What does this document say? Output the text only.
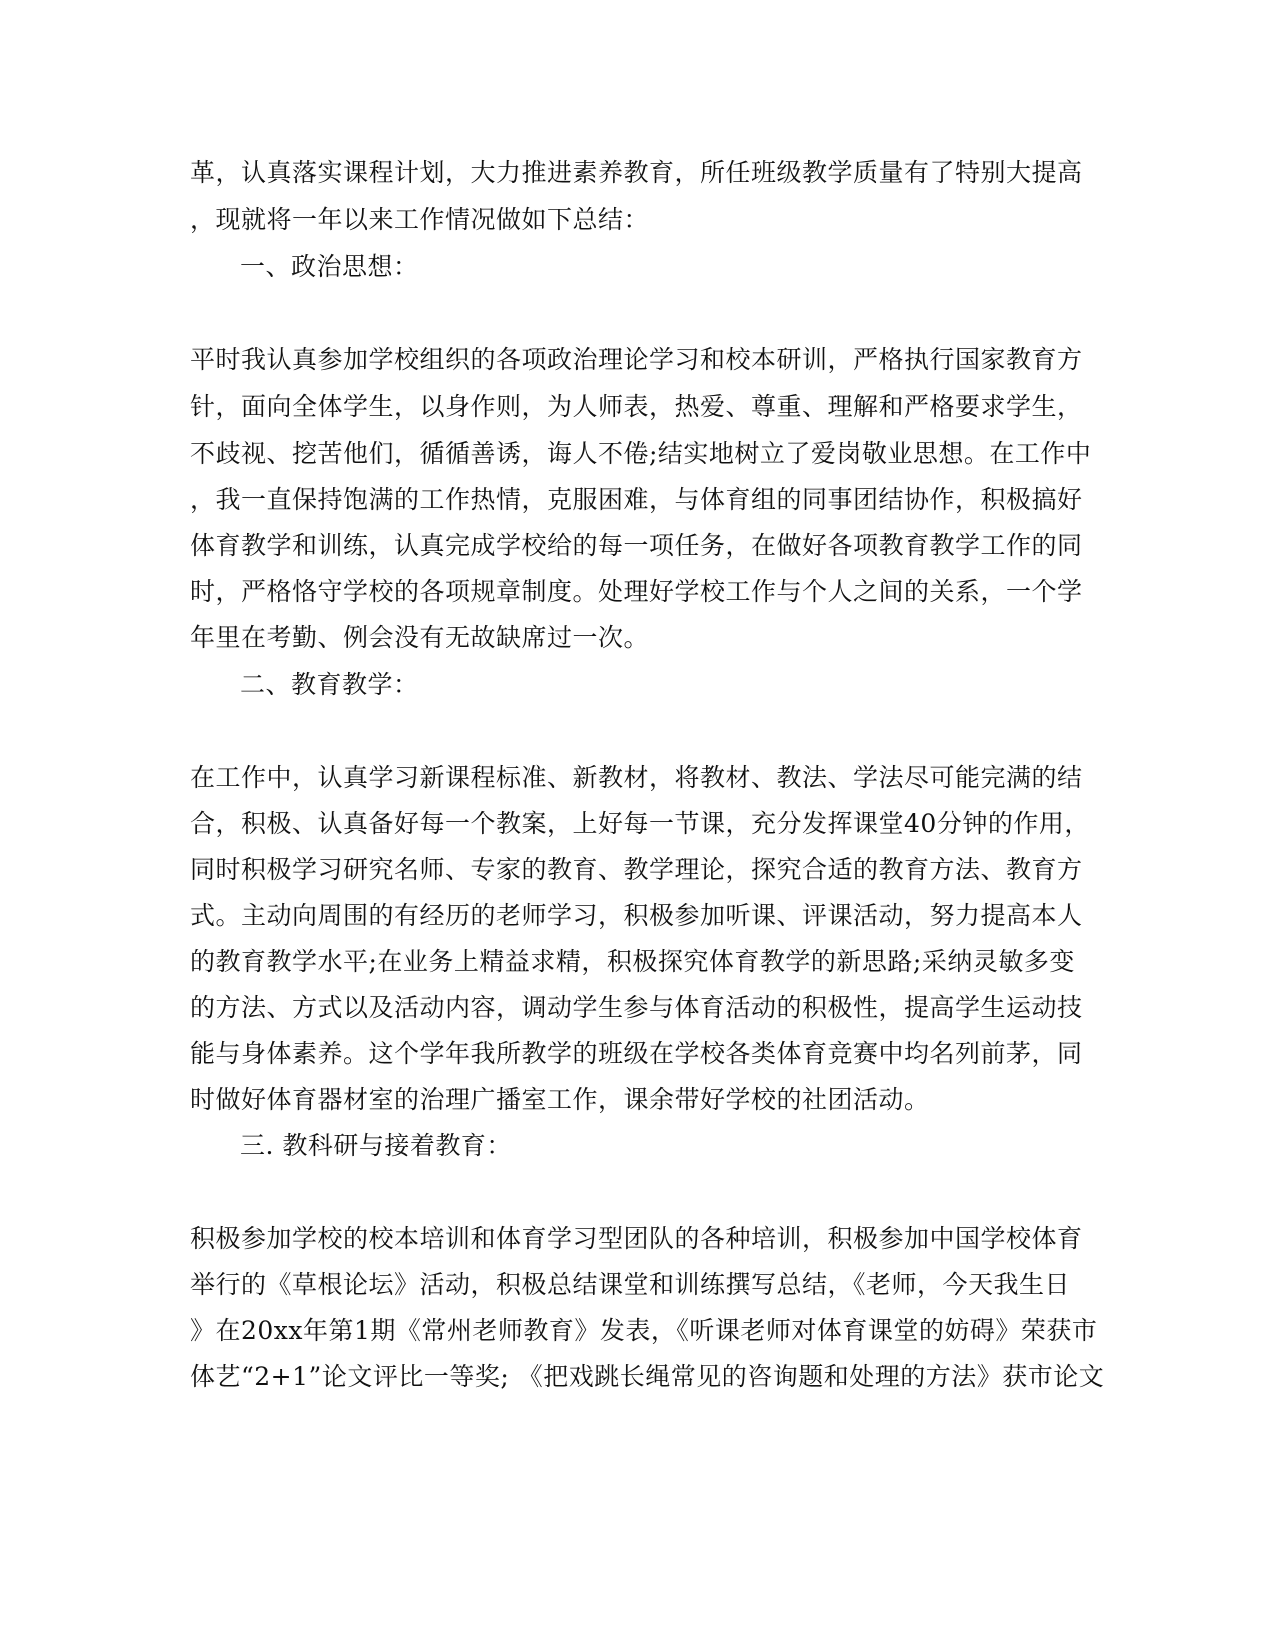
革，认真落实课程计划，大力推进素养教育，所任班级教学质量有了特别大提高
，现就将一年以来工作情况做如下总结：
一、政治思想：
平时我认真参加学校组织的各项政治理论学习和校本研训，严格执行国家教育方
针，面向全体学生，以身作则，为人师表，热爱、尊重、理解和严格要求学生，
不歧视、挖苦他们，循循善诱，诲人不倦;结实地树立了爱岗敬业思想。在工作中
，我一直保持饱满的工作热情，克服困难，与体育组的同事团结协作，积极搞好
体育教学和训练，认真完成学校给的每一项任务，在做好各项教育教学工作的同
时，严格恪守学校的各项规章制度。处理好学校工作与个人之间的关系，一个学
年里在考勤、例会没有无故缺席过一次。
二、教育教学：
在工作中，认真学习新课程标准、新教材，将教材、教法、学法尽可能完满的结
合，积极、认真备好每一个教案，上好每一节课，充分发挥课堂40分钟的作用，
同时积极学习研究名师、专家的教育、教学理论，探究合适的教育方法、教育方
式。主动向周围的有经历的老师学习，积极参加听课、评课活动，努力提高本人
的教育教学水平;在业务上精益求精，积极探究体育教学的新思路;采纳灵敏多变
的方法、方式以及活动内容，调动学生参与体育活动的积极性，提高学生运动技
能与身体素养。这个学年我所教学的班级在学校各类体育竞赛中均名列前茅，同
时做好体育器材室的治理广播室工作，课余带好学校的社团活动。
三. 教科研与接着教育：
积极参加学校的校本培训和体育学习型团队的各种培训，积极参加中国学校体育
举行的《草根论坛》活动，积极总结课堂和训练撰写总结，《老师，今天我生日
》在20xx年第1期《常州老师教育》发表，《听课老师对体育课堂的妨碍》荣获市
体艺“2+1”论文评比一等奖; 《把戏跳长绳常见的咨询题和处理的方法》获市论文
